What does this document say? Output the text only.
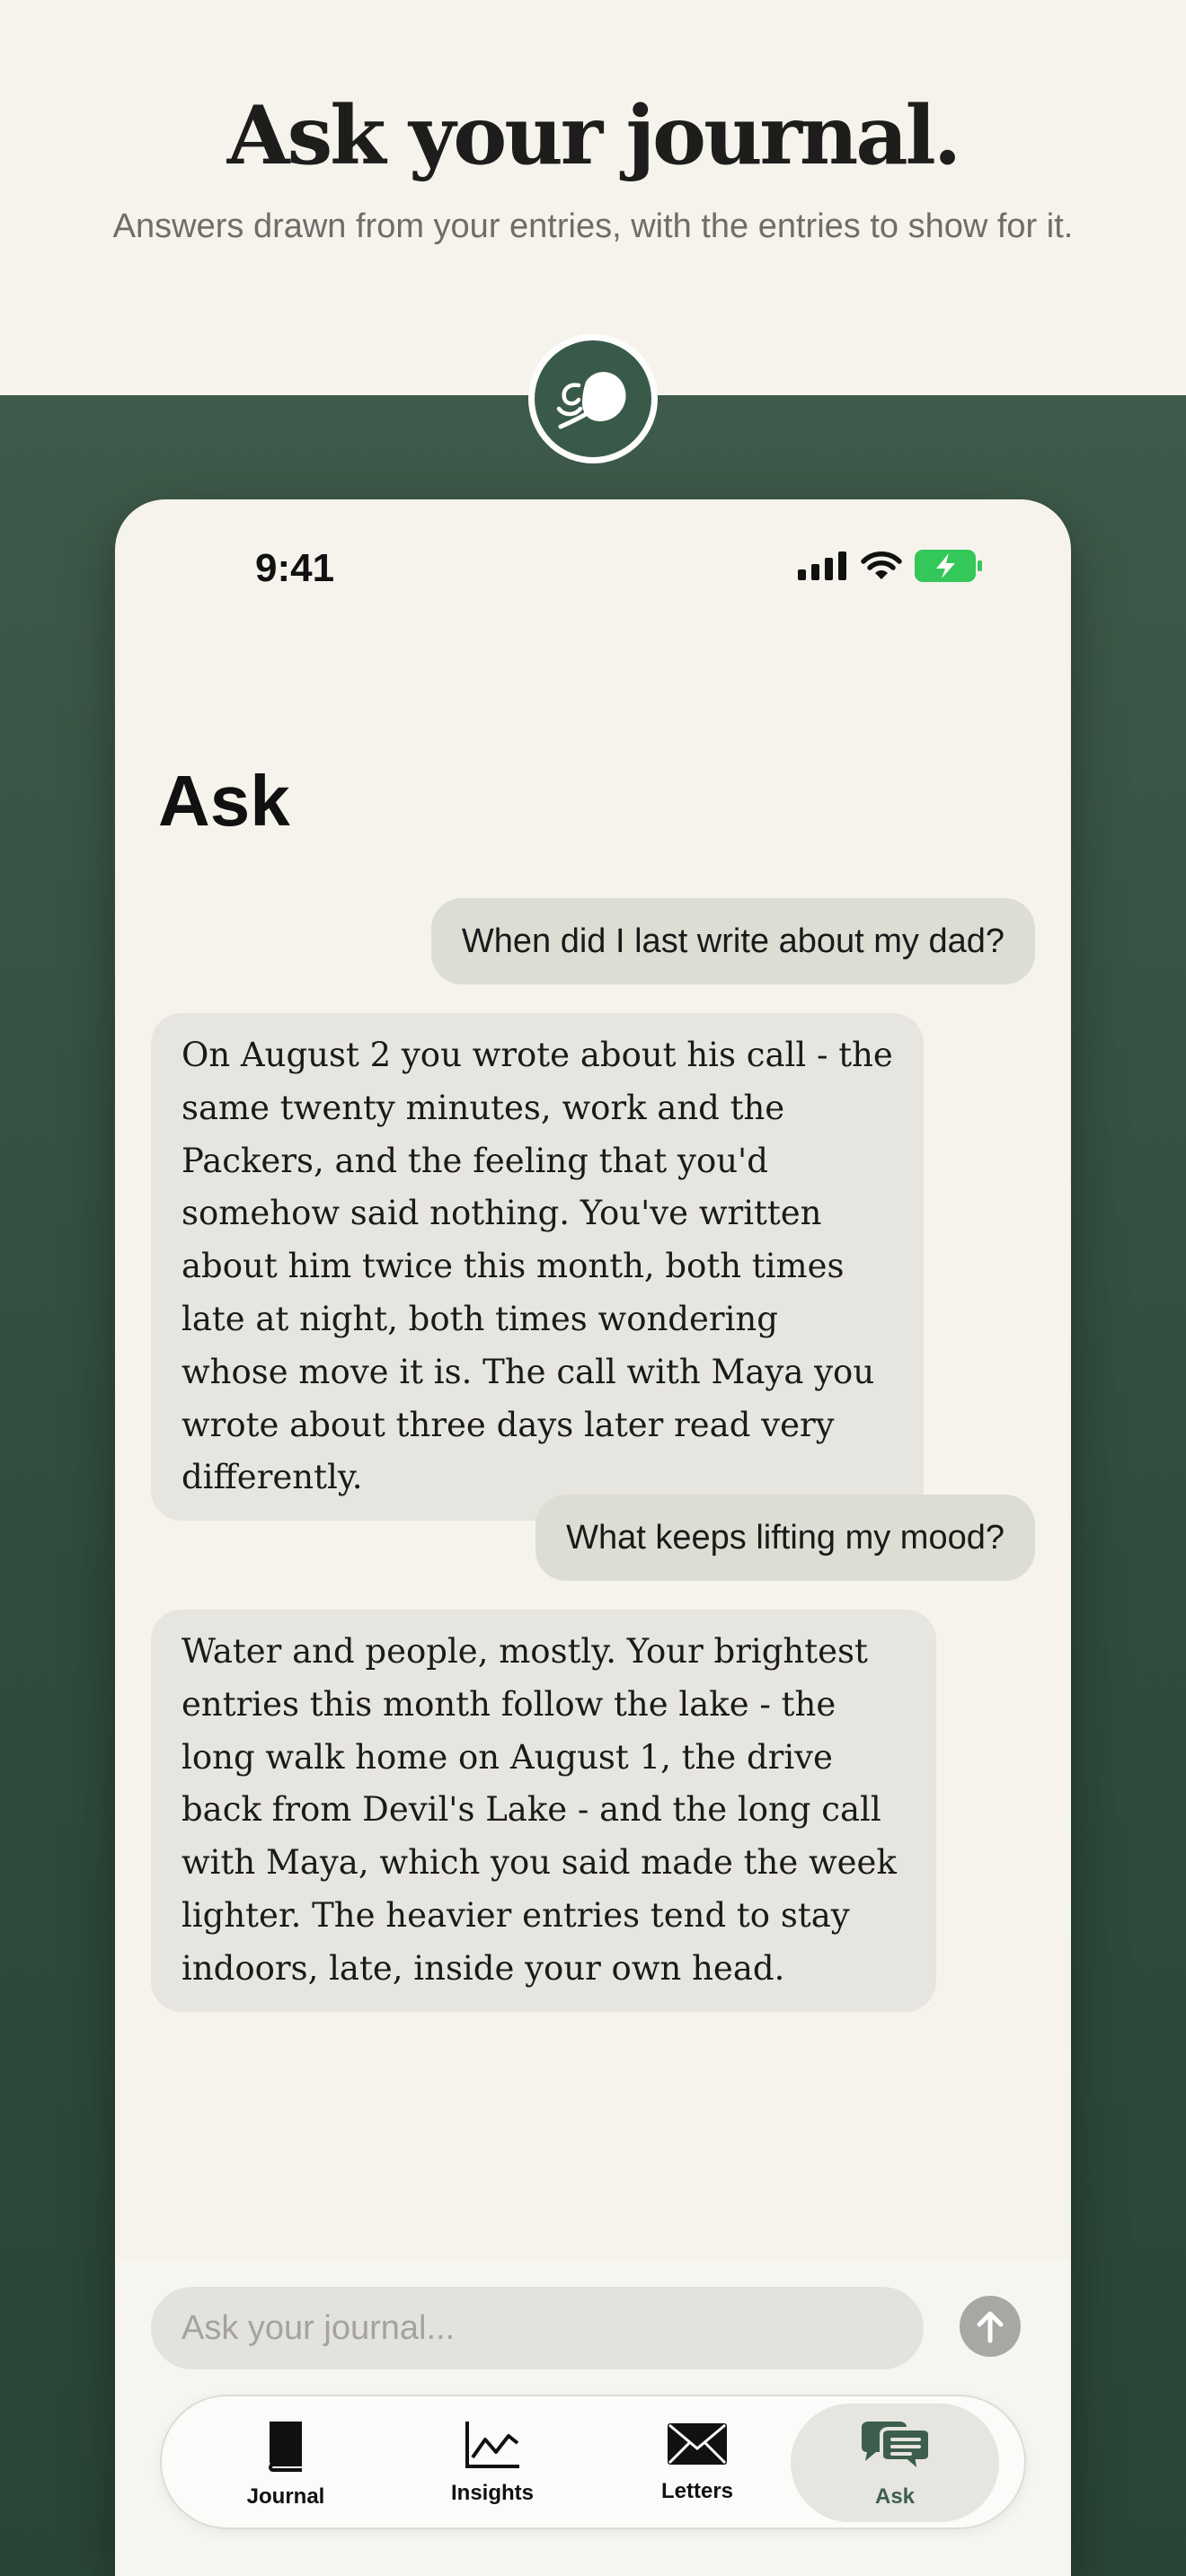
Ask your journal.
Answers drawn from your entries, with the entries to show for it.
9:41
Ask
When did I last write about my dad?
On August 2 you wrote about his call - the same twenty minutes, work and the Packers, and the feeling that you'd somehow said nothing. You've written about him twice this month, both times late at night, both times wondering whose move it is. The call with Maya you wrote about three days later read very differently.
What keeps lifting my mood?
Water and people, mostly. Your brightest entries this month follow the lake - the long walk home on August 1, the drive back from Devil's Lake - and the long call with Maya, which you said made the week lighter. The heavier entries tend to stay indoors, late, inside your own head.
Ask your journal...
Journal	Insights	Letters	Ask
